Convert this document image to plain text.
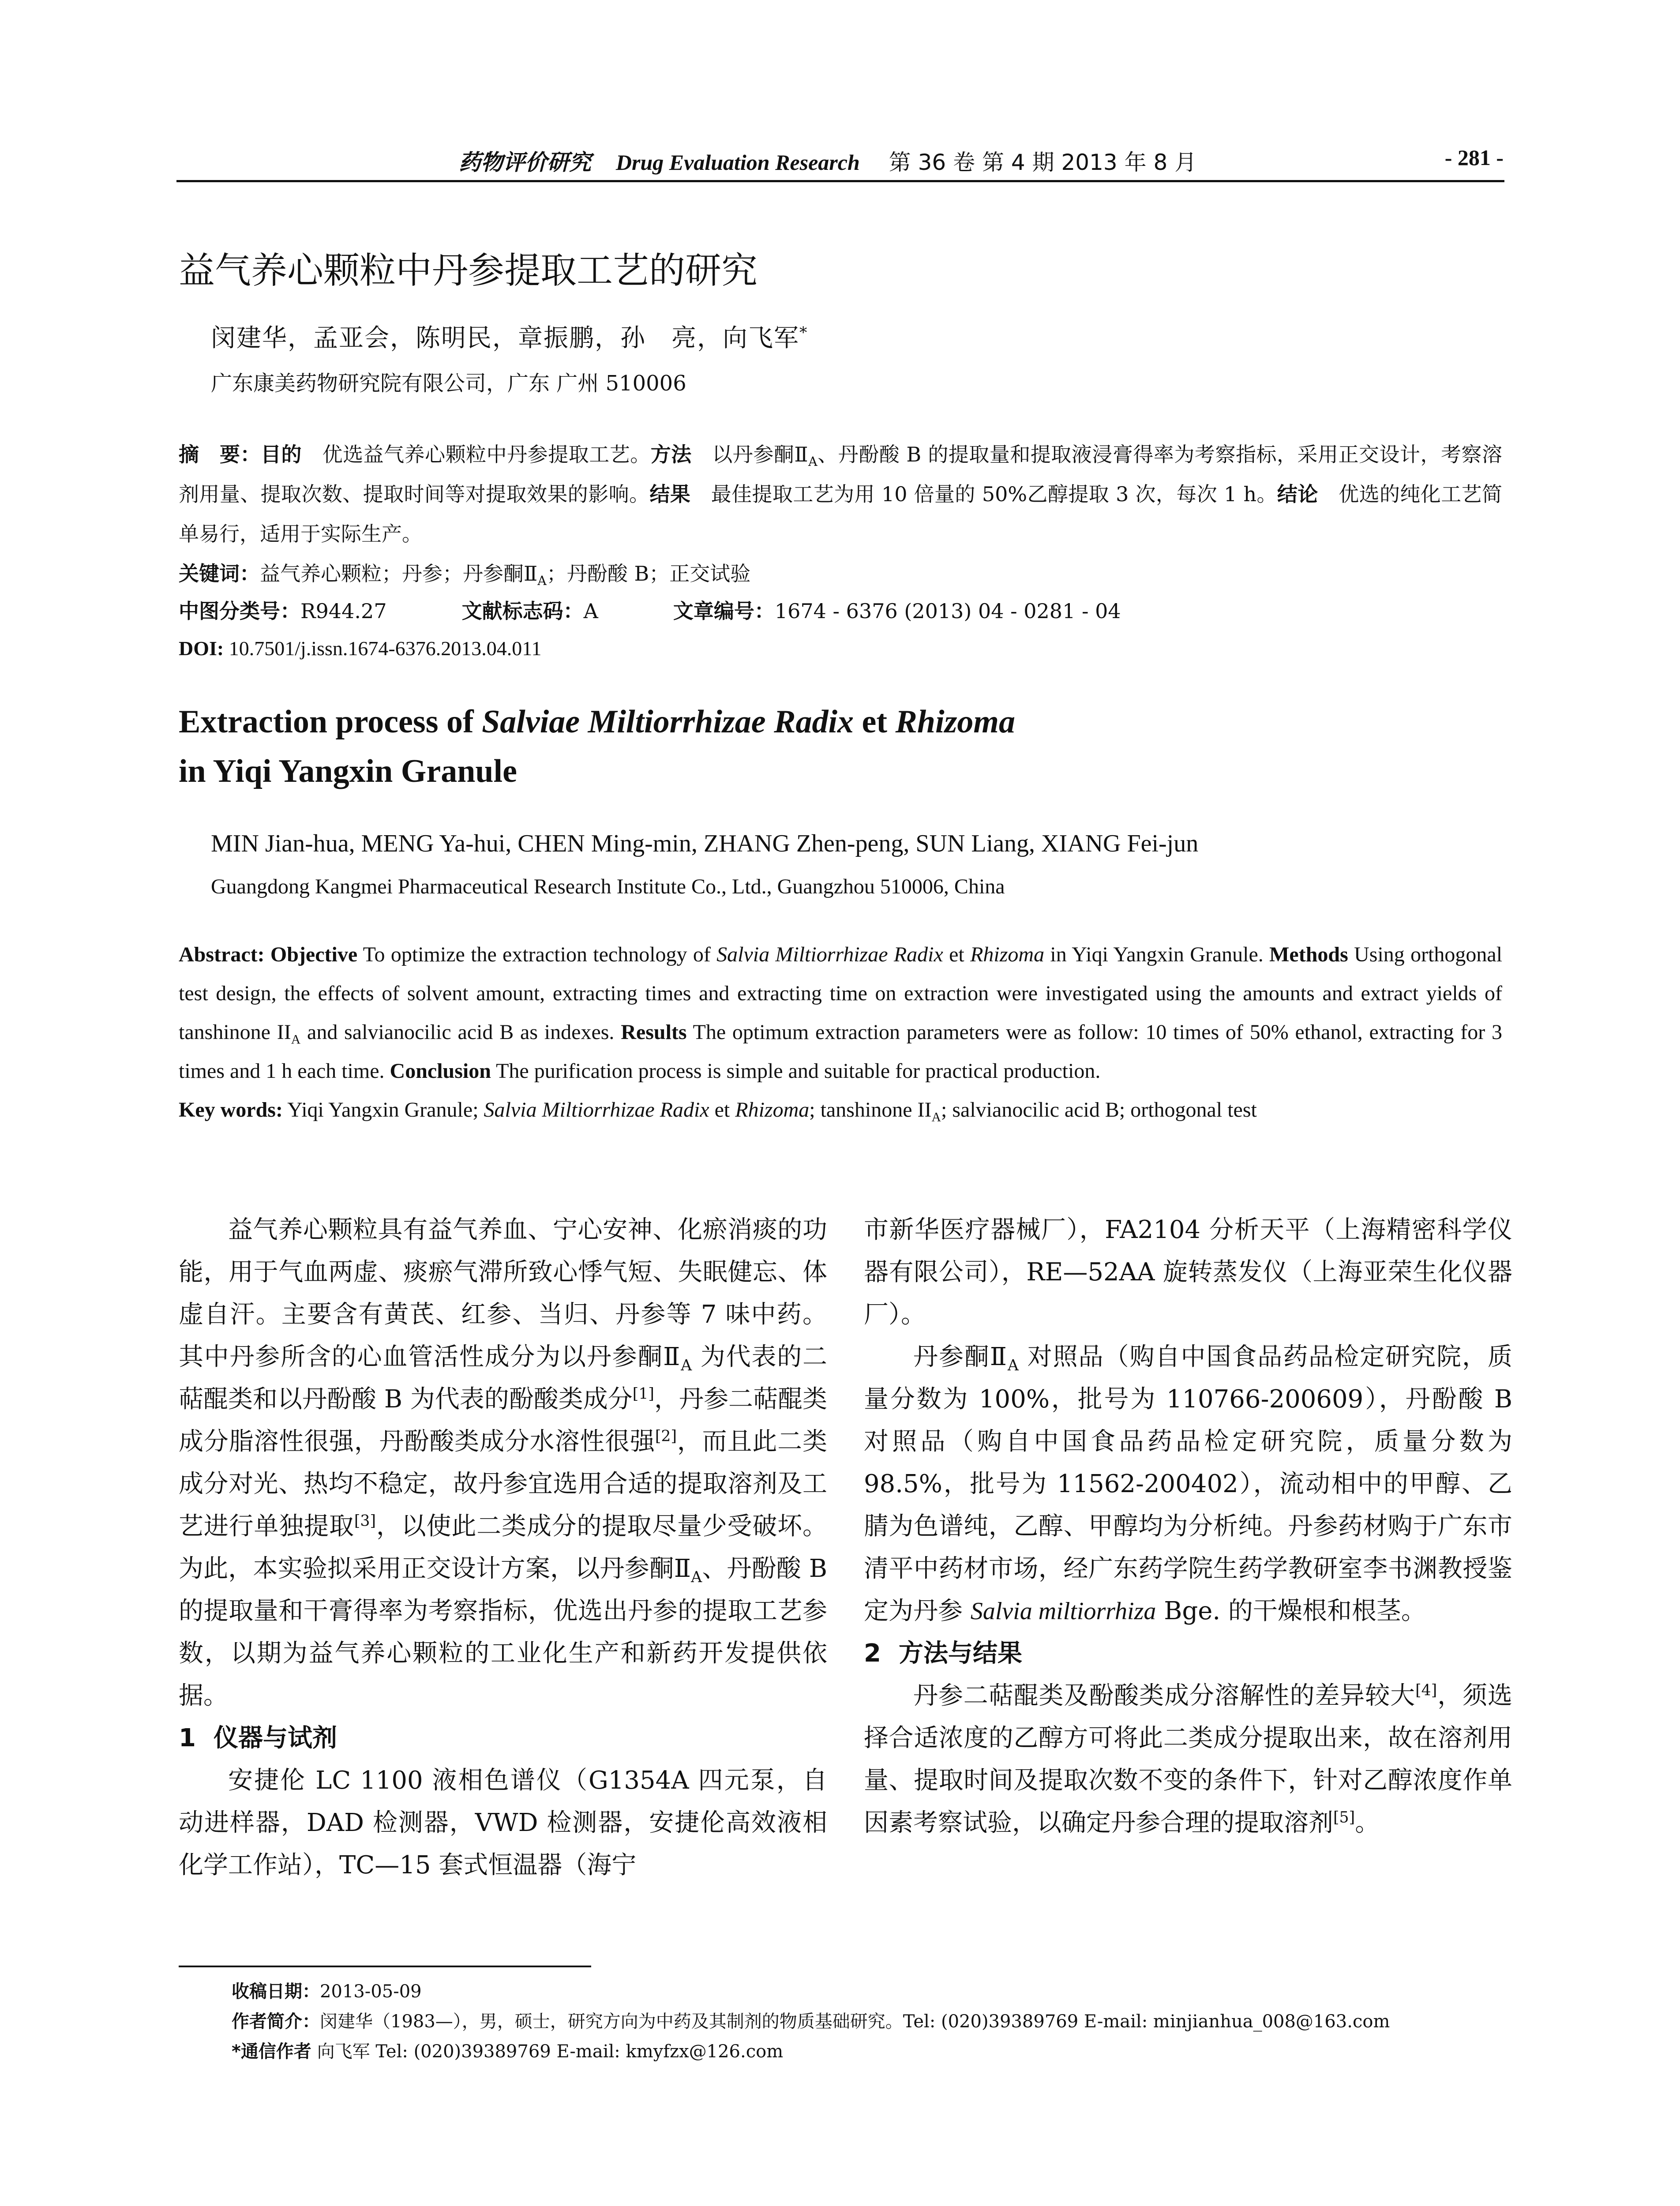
药物评价研究 Drug Evaluation Research 第 36 卷 第 4 期 2013 年 8 月	- 281 -
益气养心颗粒中丹参提取工艺的研究
闵建华，孟亚会，陈明民，章振鹏，孙　亮，向飞军*
广东康美药物研究院有限公司，广东 广州 510006
摘　要：目的　 优选益气养心颗粒中丹参提取工艺。方法　 以丹参酮$Ⅱ_A$、丹酚酸 B 的提取量和提取液浸膏得率为考察指标，采用正交设计，考察溶剂用量、提取次数、提取时间等对提取效果的影响。结果　 最佳提取工艺为用 10 倍量的 50%乙醇提取 3 次，每次 1 h。结论　 优选的纯化工艺简单易行，适用于实际生产。
关键词：益气养心颗粒；丹参；丹参酮$Ⅱ_A$；丹酚酸 B；正交试验
中图分类号：R944.27	文献标志码：A	文章编号：1674 - 6376 (2013) 04 - 0281 - 04
DOI: 10.7501/j.issn.1674-6376.2013.04.011
Extraction process of Salviae Miltiorrhizae Radix et Rhizoma
in Yiqi Yangxin Granule
MIN Jian-hua, MENG Ya-hui, CHEN Ming-min, ZHANG Zhen-peng, SUN Liang, XIANG Fei-jun
Guangdong Kangmei Pharmaceutical Research Institute Co., Ltd., Guangzhou 510006, China
Abstract: Objective To optimize the extraction technology of Salvia Miltiorrhizae Radix et Rhizoma in Yiqi Yangxin Granule. Methods Using orthogonal test design, the effects of solvent amount, extracting times and extracting time on extraction were investigated using the amounts and extract yields of tanshinone $II_A$ and salvianocilic acid B as indexes. Results The optimum extraction parameters were as follow: 10 times of 50% ethanol, extracting for 3 times and 1 h each time. Conclusion The purification process is simple and suitable for practical production.
Key words: Yiqi Yangxin Granule; Salvia Miltiorrhizae Radix et Rhizoma; tanshinone $II_A$; salvianocilic acid B; orthogonal test

益气养心颗粒具有益气养血、宁心安神、化瘀消痰的功能，用于气血两虚、痰瘀气滞所致心悸气短、失眠健忘、体虚自汗。主要含有黄芪、红参、当归、丹参等 7 味中药。其中丹参所含的心血管活性成分为以丹参酮$Ⅱ_A$ 为代表的二萜醌类和以丹酚酸 B 为代表的酚酸类成分[1]，丹参二萜醌类成分脂溶性很强，丹酚酸类成分水溶性很强[2]，而且此二类成分对光、热均不稳定，故丹参宜选用合适的提取溶剂及工艺进行单独提取[3]，以使此二类成分的提取尽量少受破坏。为此，本实验拟采用正交设计方案，以丹参酮$Ⅱ_A$、丹酚酸 B 的提取量和干膏得率为考察指标，优选出丹参的提取工艺参数，以期为益气养心颗粒的工业化生产和新药开发提供依据。

1 仪器与试剂

安捷伦 LC 1100 液相色谱仪（G1354A 四元泵，自动进样器，DAD 检测器，VWD 检测器，安捷伦高效液相化学工作站），TC—15 套式恒温器（海宁

市新华医疗器械厂），FA2104 分析天平（上海精密科学仪器有限公司），RE—52AA 旋转蒸发仪（上海亚荣生化仪器厂）。

丹参酮$Ⅱ_A$ 对照品（购自中国食品药品检定研究院，质量分数为 100%，批号为 110766-200609），丹酚酸 B 对照品（购自中国食品药品检定研究院，质量分数为 98.5%，批号为 11562-200402），流动相中的甲醇、乙腈为色谱纯，乙醇、甲醇均为分析纯。丹参药材购于广东市清平中药材市场，经广东药学院生药学教研室李书渊教授鉴定为丹参 Salvia miltiorrhiza Bge. 的干燥根和根茎。

2 方法与结果

丹参二萜醌类及酚酸类成分溶解性的差异较大[4]，须选择合适浓度的乙醇方可将此二类成分提取出来，故在溶剂用量、提取时间及提取次数不变的条件下，针对乙醇浓度作单因素考察试验，以确定丹参合理的提取溶剂[5]。

收稿日期：2013-05-09
作者简介：闵建华（1983—），男，硕士，研究方向为中药及其制剂的物质基础研究。Tel: (020)39389769 E-mail: minjianhua_008@163.com
*通信作者 向飞军 Tel: (020)39389769 E-mail: kmyfzx@126.com
